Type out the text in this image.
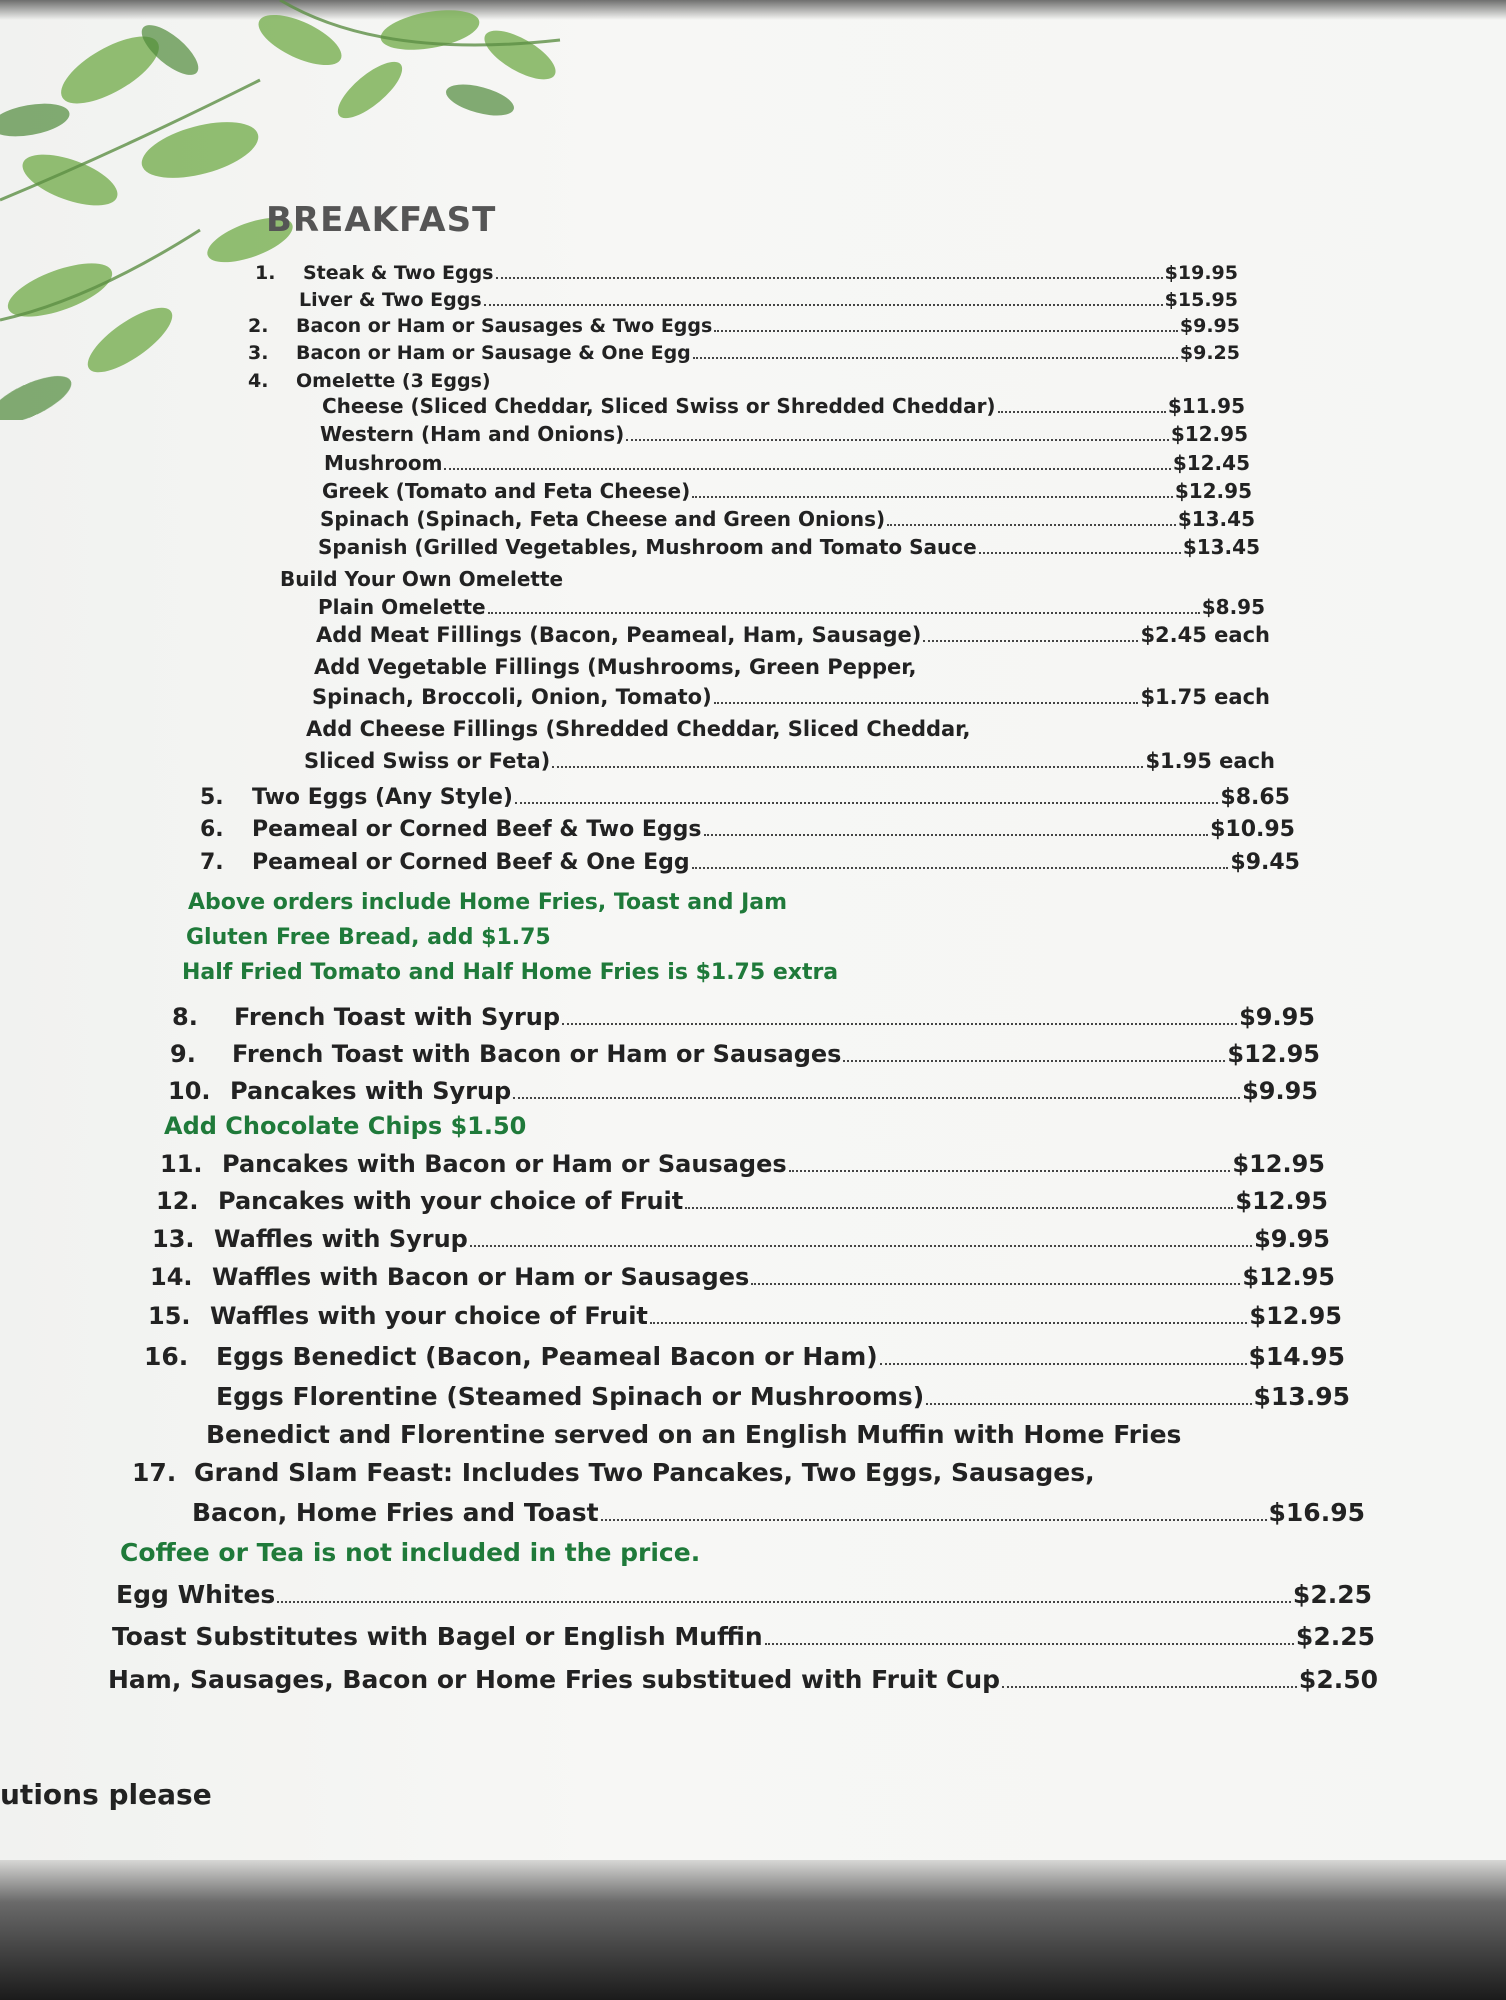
BREAKFAST
1.	Steak & Two Eggs	$19.95
Liver & Two Eggs	$15.95
2.	Bacon or Ham or Sausages & Two Eggs	$9.95
3.	Bacon or Ham or Sausage & One Egg	$9.25
4.	Omelette (3 Eggs)
Cheese (Sliced Cheddar, Sliced Swiss or Shredded Cheddar)	$11.95
Western (Ham and Onions)	$12.95
Mushroom	$12.45
Greek (Tomato and Feta Cheese)	$12.95
Spinach (Spinach, Feta Cheese and Green Onions)	$13.45
Spanish (Grilled Vegetables, Mushroom and Tomato Sauce	$13.45
Build Your Own Omelette
Plain Omelette	$8.95
Add Meat Fillings (Bacon, Peameal, Ham, Sausage)	$2.45 each
Add Vegetable Fillings (Mushrooms, Green Pepper,
Spinach, Broccoli, Onion, Tomato)	$1.75 each
Add Cheese Fillings (Shredded Cheddar, Sliced Cheddar,
Sliced Swiss or Feta)	$1.95 each
5.	Two Eggs (Any Style)	$8.65
6.	Peameal or Corned Beef & Two Eggs	$10.95
7.	Peameal or Corned Beef & One Egg	$9.45
Above orders include Home Fries, Toast and Jam
Gluten Free Bread, add $1.75
Half Fried Tomato and Half Home Fries is $1.75 extra
8.	French Toast with Syrup	$9.95
9.	French Toast with Bacon or Ham or Sausages	$12.95
10. Pancakes with Syrup	$9.95
Add Chocolate Chips $1.50
11. Pancakes with Bacon or Ham or Sausages	$12.95
12. Pancakes with your choice of Fruit	$12.95
13. Waffles with Syrup	$9.95
14. Waffles with Bacon or Ham or Sausages	$12.95
15. Waffles with your choice of Fruit	$12.95
16.	Eggs Benedict (Bacon, Peameal Bacon or Ham)	$14.95
Eggs Florentine (Steamed Spinach or Mushrooms)	$13.95
Benedict and Florentine served on an English Muffin with Home Fries
17. Grand Slam Feast: Includes Two Pancakes, Two Eggs, Sausages,
Bacon, Home Fries and Toast	$16.95
Coffee or Tea is not included in the price.
Egg Whites	$2.25
Toast Substitutes with Bagel or English Muffin	$2.25
Ham, Sausages, Bacon or Home Fries substitued with Fruit Cup	$2.50
utions please
